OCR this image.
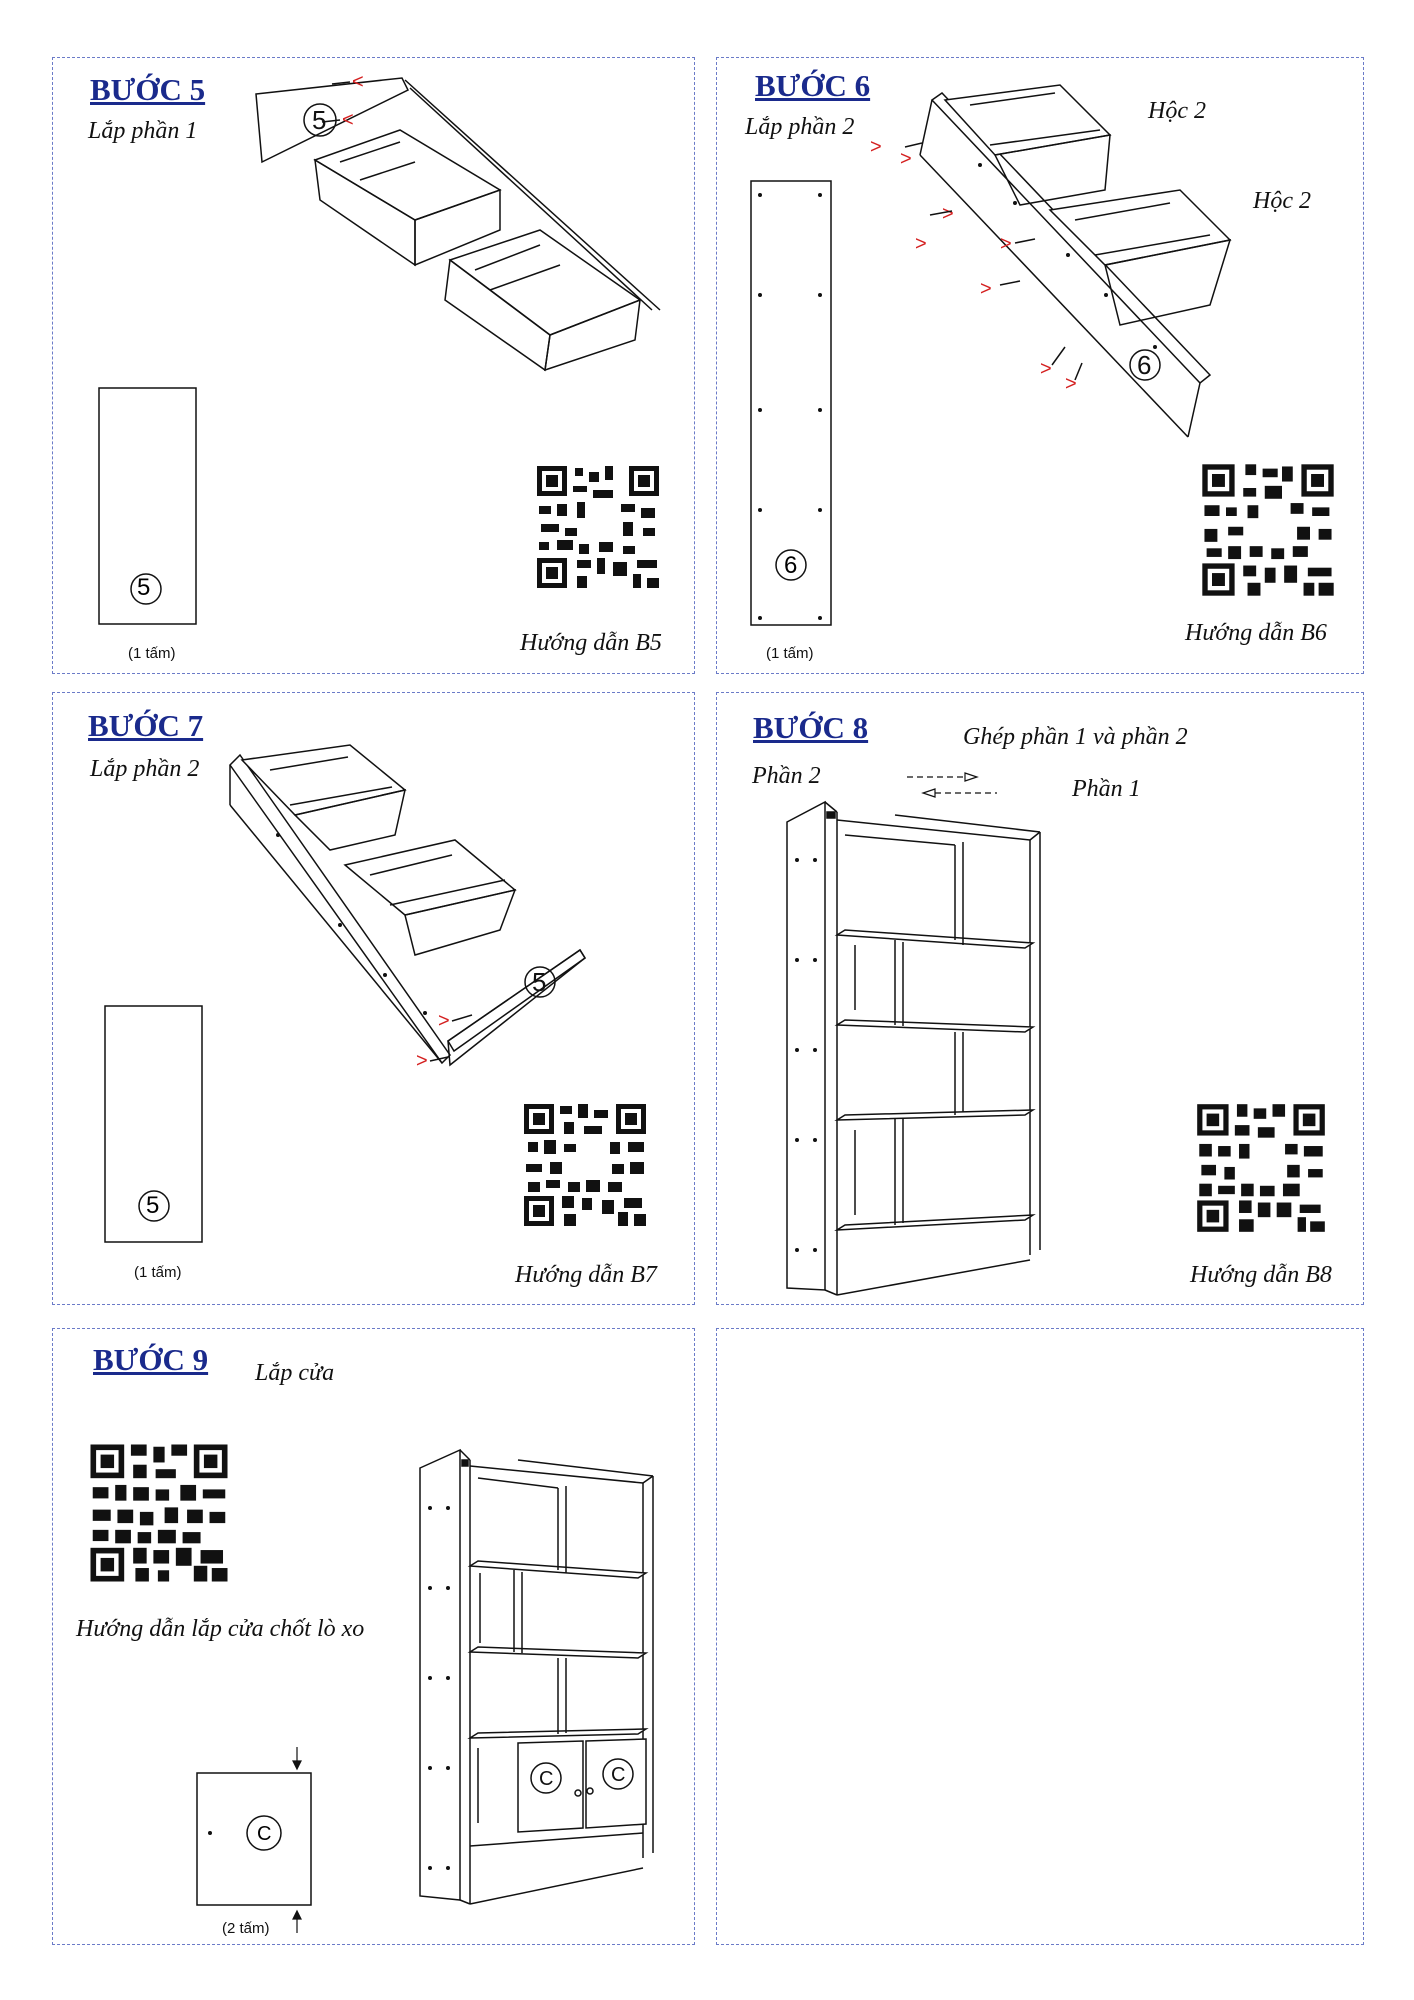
BƯỚC 5
Lắp phần 1	5
<
<
5
(1 tấm)	Hướng dẫn B5
BƯỚC 6
Lắp phần 2
Hộc 2
Hộc 2
6
>
>	>
>
>
>
>
>
6
(1 tấm)
Hướng dẫn B6
BƯỚC 7
Lắp phần 2
5
>
>
5
(1 tấm)	Hướng dẫn B7
BƯỚC 8	Ghép phần 1 và phần 2
Phần 2	Phần 1
Hướng dẫn B8
BƯỚC 9 Lắp cửa
Hướng dẫn lắp cửa chốt lò xo
C
(2 tấm)
C	C
